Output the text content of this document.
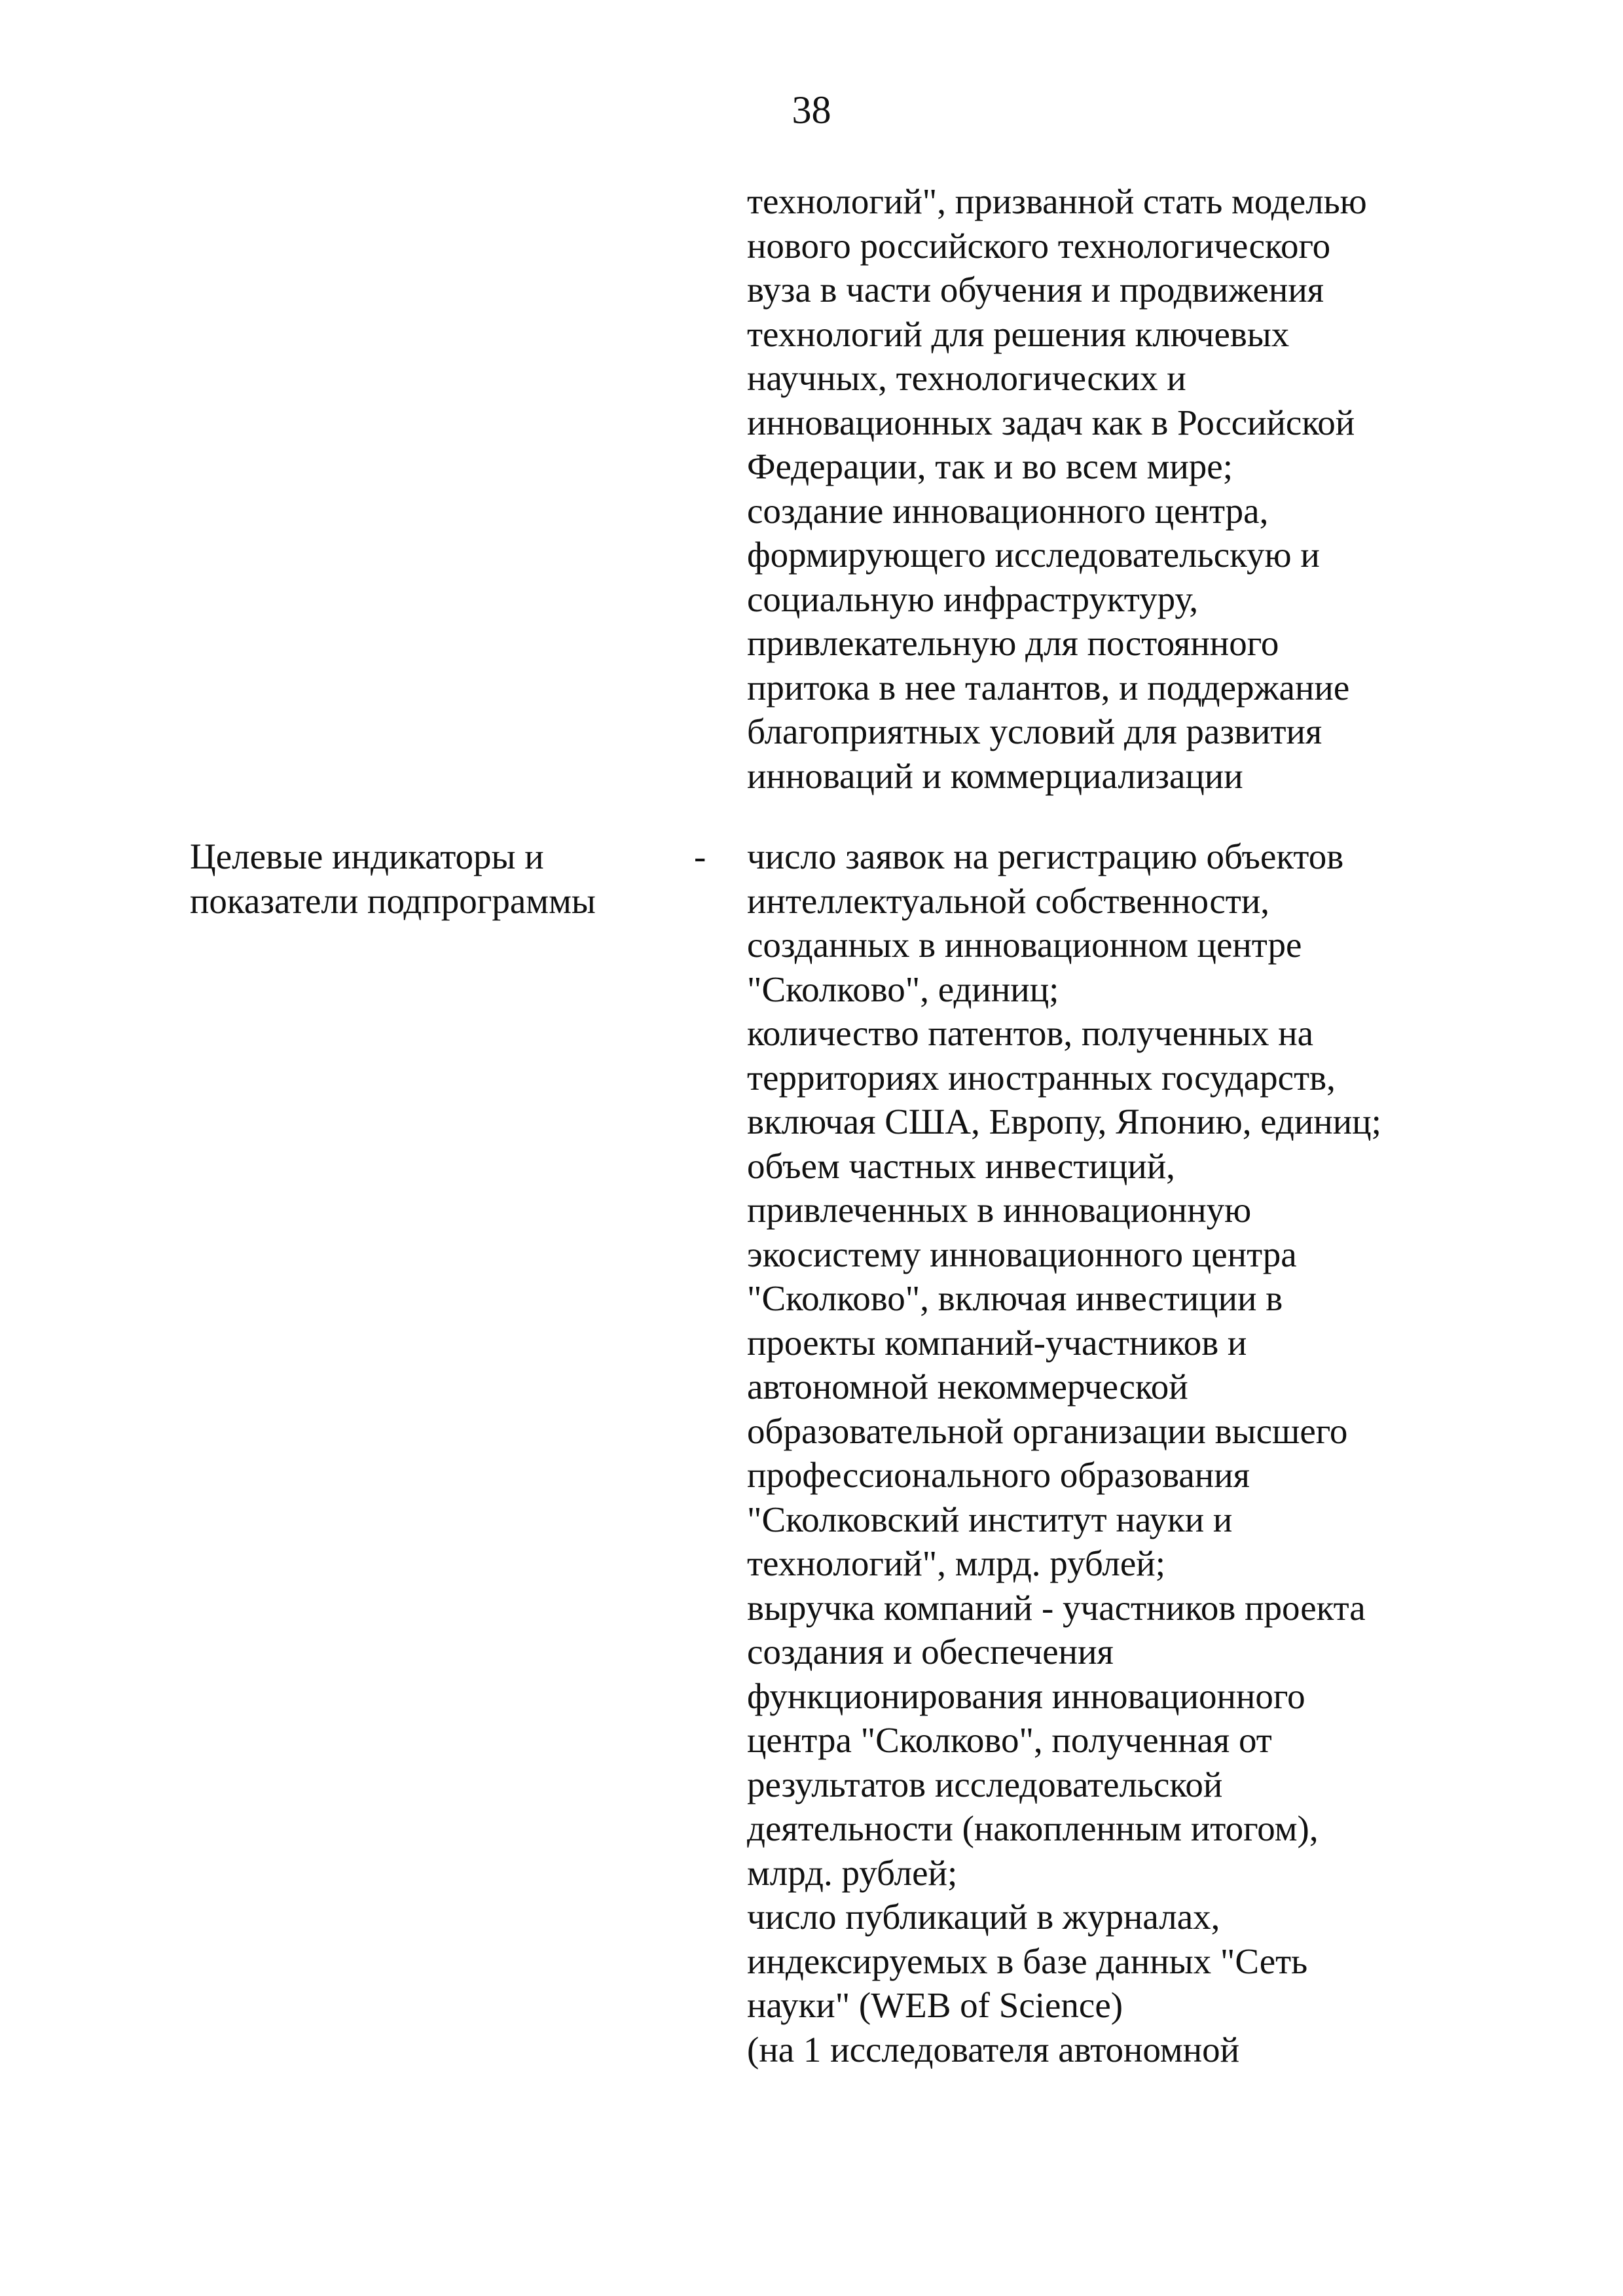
38
технологий", призванной стать моделью
нового российского технологического
вуза в части обучения и продвижения
технологий для решения ключевых
научных, технологических и
инновационных задач как в Российской
Федерации, так и во всем мире;
создание инновационного центра,
формирующего исследовательскую и
социальную инфраструктуру,
привлекательную для постоянного
притока в нее талантов, и поддержание
благоприятных условий для развития
инноваций и коммерциализации
Целевые индикаторы и
показатели подпрограммы
- число заявок на регистрацию объектов
интеллектуальной собственности,
созданных в инновационном центре
"Сколково", единиц;
количество патентов, полученных на
территориях иностранных государств,
включая США, Европу, Японию, единиц;
объем частных инвестиций,
привлеченных в инновационную
экосистему инновационного центра
"Сколково", включая инвестиции в
проекты компаний-участников и
автономной некоммерческой
образовательной организации высшего
профессионального образования
"Сколковский институт науки и
технологий", млрд. рублей;
выручка компаний - участников проекта
создания и обеспечения
функционирования инновационного
центра "Сколково", полученная от
результатов исследовательской
деятельности (накопленным итогом),
млрд. рублей;
число публикаций в журналах,
индексируемых в базе данных "Сеть
науки" (WEB of Science)
(на 1 исследователя автономной
